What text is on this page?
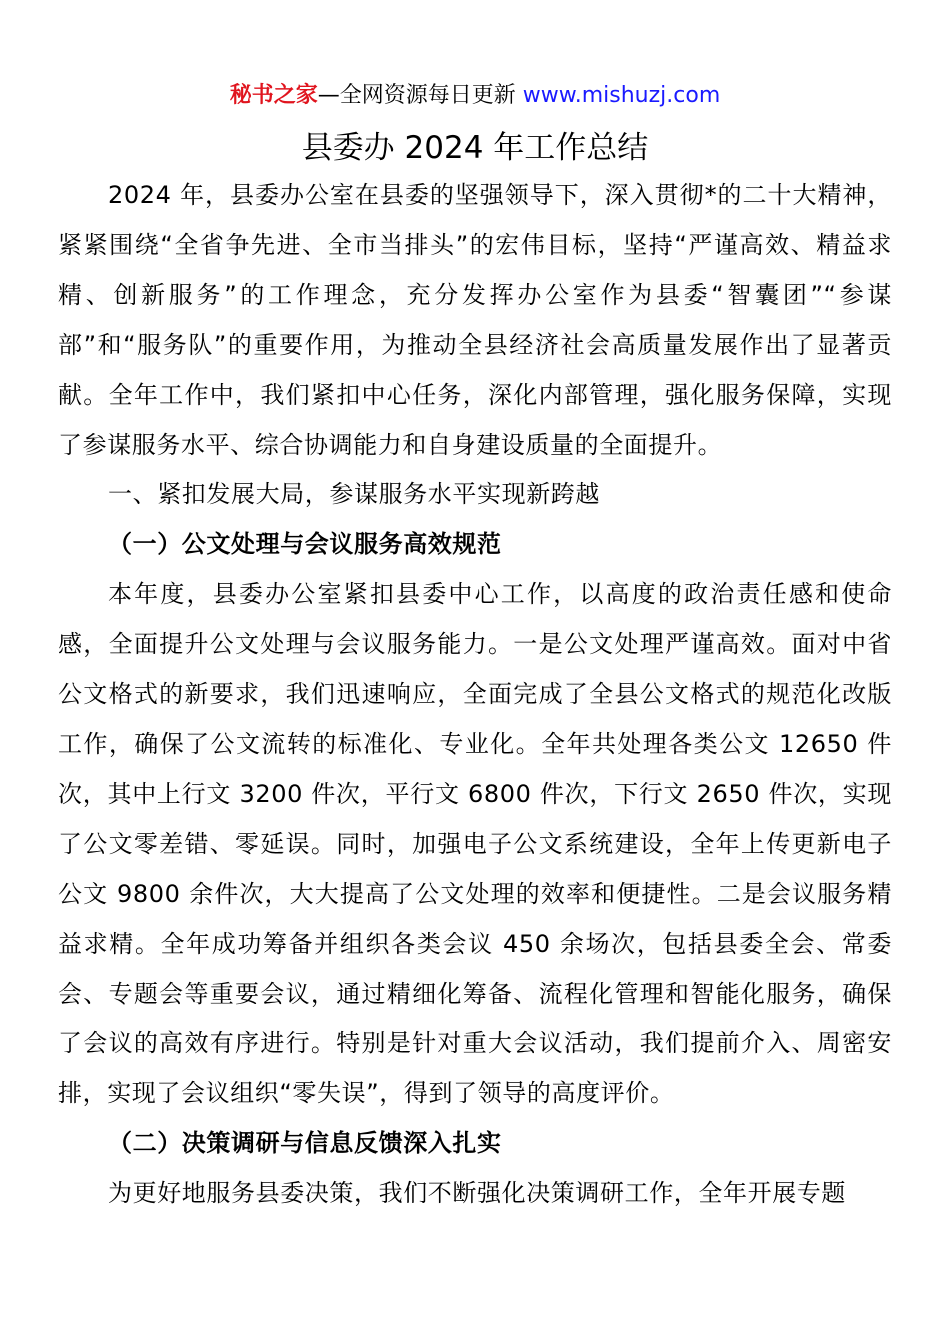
秘书之家—全网资源每日更新 www.mishuzj.com
县委办 2024 年工作总结

2024 年，县委办公室在县委的坚强领导下，深入贯彻*的二十大精神，紧紧围绕“全省争先进、全市当排头”的宏伟目标，坚持“严谨高效、精益求精、创新服务”的工作理念，充分发挥办公室作为县委“智囊团”“参谋部”和“服务队”的重要作用，为推动全县经济社会高质量发展作出了显著贡献。全年工作中，我们紧扣中心任务，深化内部管理，强化服务保障，实现了参谋服务水平、综合协调能力和自身建设质量的全面提升。

一、紧扣发展大局，参谋服务水平实现新跨越
（一）公文处理与会议服务高效规范

本年度，县委办公室紧扣县委中心工作，以高度的政治责任感和使命感，全面提升公文处理与会议服务能力。一是公文处理严谨高效。面对中省公文格式的新要求，我们迅速响应，全面完成了全县公文格式的规范化改版工作，确保了公文流转的标准化、专业化。全年共处理各类公文 12650 件次，其中上行文 3200 件次，平行文 6800 件次，下行文 2650 件次，实现了公文零差错、零延误。同时，加强电子公文系统建设，全年上传更新电子公文 9800 余件次，大大提高了公文处理的效率和便捷性。二是会议服务精益求精。全年成功筹备并组织各类会议 450 余场次，包括县委全会、常委会、专题会等重要会议，通过精细化筹备、流程化管理和智能化服务，确保了会议的高效有序进行。特别是针对重大会议活动，我们提前介入、周密安排，实现了会议组织“零失误”，得到了领导的高度评价。

（二）决策调研与信息反馈深入扎实

为更好地服务县委决策，我们不断强化决策调研工作，全年开展专题
